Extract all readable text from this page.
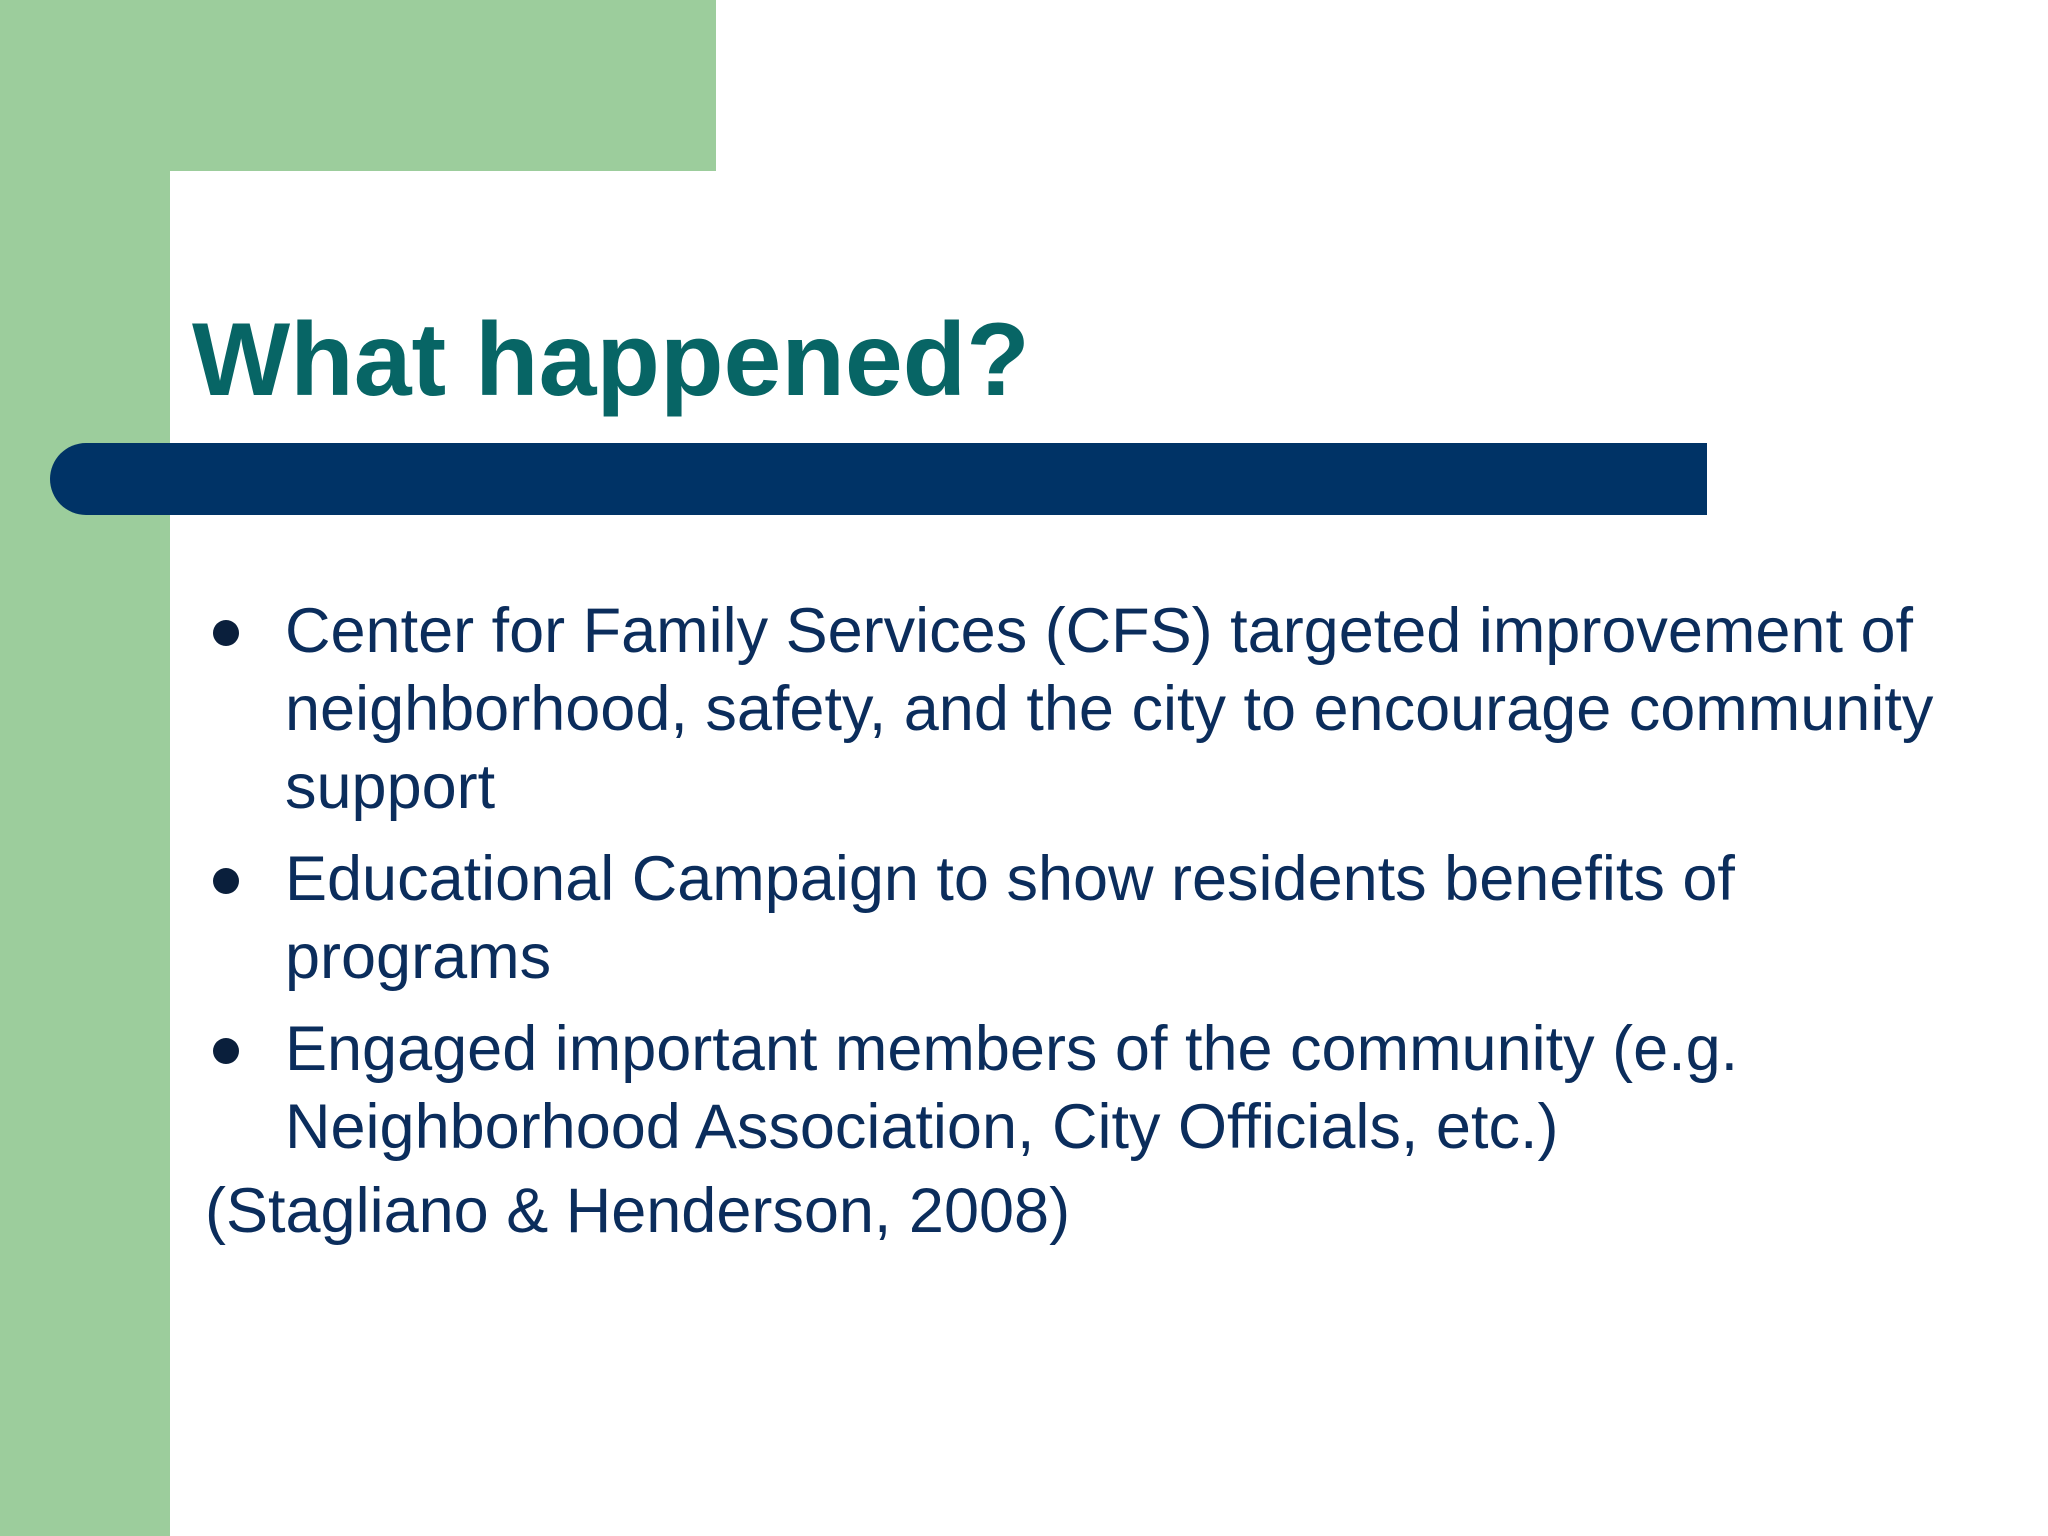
What happened?
Center for Family Services (CFS) targeted improvement of neighborhood, safety, and the city to encourage community support
Educational Campaign to show residents benefits of programs
Engaged important members of the community (e.g. Neighborhood Association, City Officials, etc.)

(Stagliano & Henderson, 2008)
